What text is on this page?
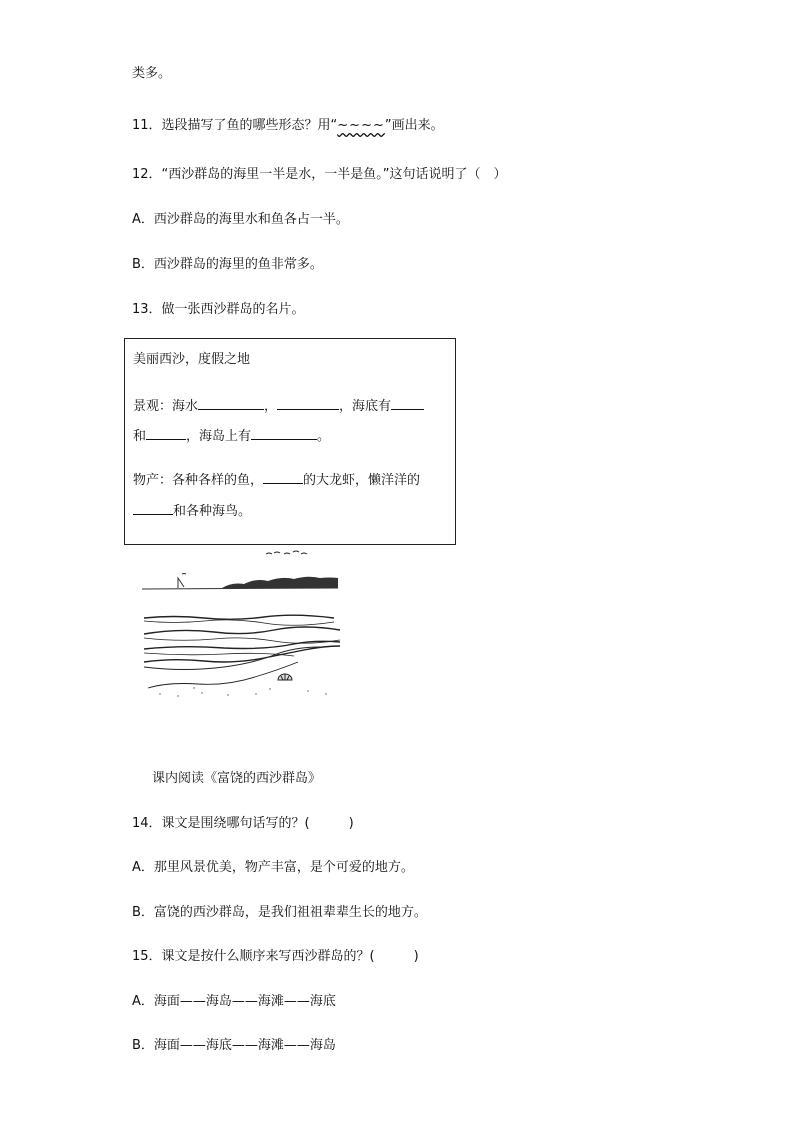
类多。
11．选段描写了鱼的哪些形态？用“~~~~”画出来。
12．“西沙群岛的海里一半是水，一半是鱼。”这句话说明了（　）
A．西沙群岛的海里水和鱼各占一半。
B．西沙群岛的海里的鱼非常多。
13．做一张西沙群岛的名片。
美丽西沙，度假之地
景观：海水	，	，海底有
和	，海岛上有	。
物产：各种各样的鱼，	的大龙虾，懒洋洋的
和各种海鸟。
课内阅读《富饶的西沙群岛》
14．课文是围绕哪句话写的？(　　　)
A．那里风景优美，物产丰富，是个可爱的地方。
B．富饶的西沙群岛，是我们祖祖辈辈生长的地方。
15．课文是按什么顺序来写西沙群岛的？(　　　)
A．海面——海岛——海滩——海底
B．海面——海底——海滩——海岛
